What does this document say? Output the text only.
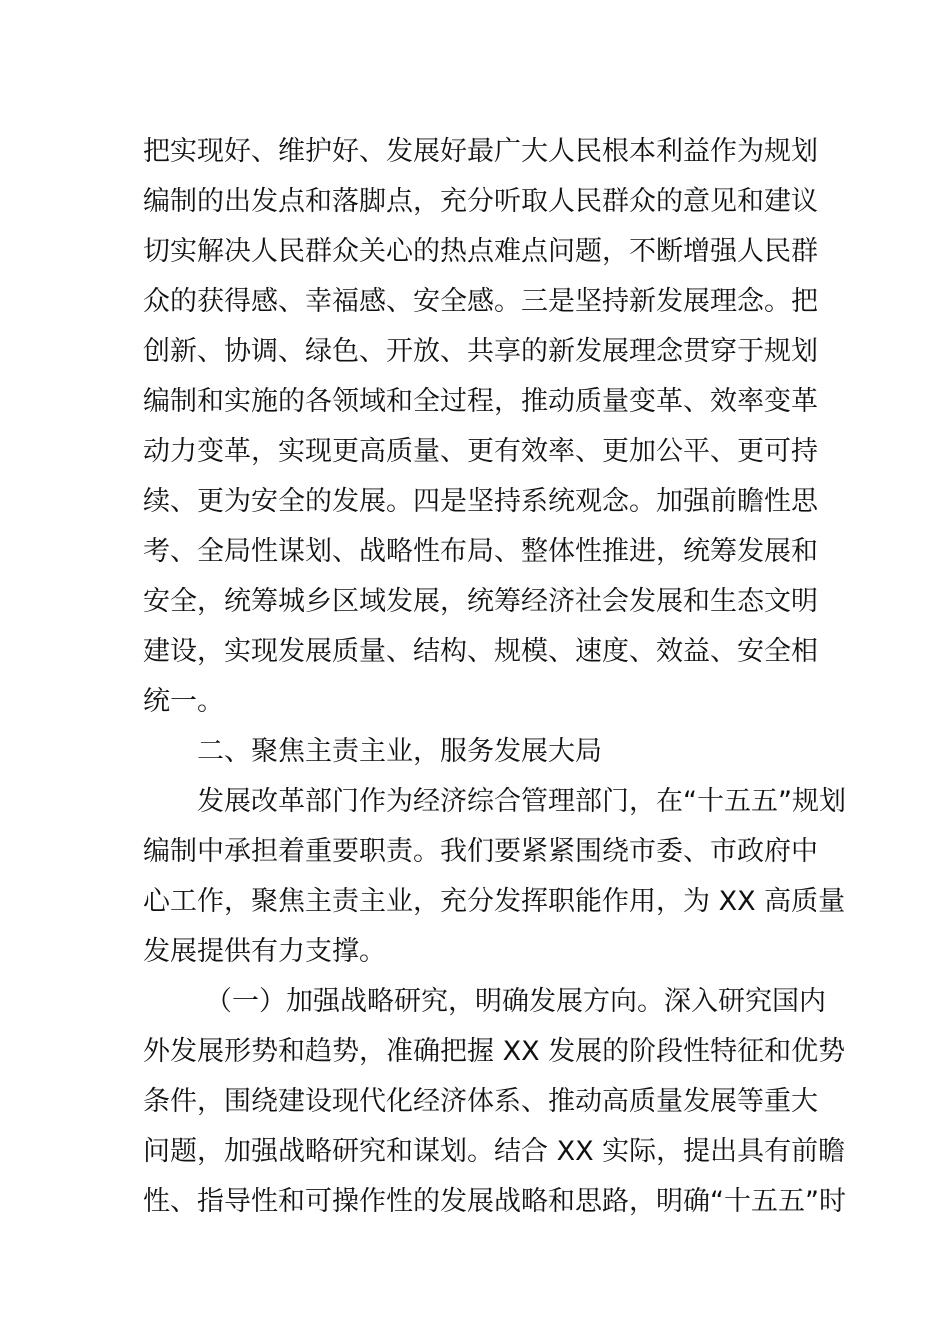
把实现好、维护好、发展好最广大人民根本利益作为规划
编制的出发点和落脚点，充分听取人民群众的意见和建议
切实解决人民群众关心的热点难点问题，不断增强人民群
众的获得感、幸福感、安全感。三是坚持新发展理念。把
创新、协调、绿色、开放、共享的新发展理念贯穿于规划
编制和实施的各领域和全过程，推动质量变革、效率变革
动力变革，实现更高质量、更有效率、更加公平、更可持
续、更为安全的发展。四是坚持系统观念。加强前瞻性思
考、全局性谋划、战略性布局、整体性推进，统筹发展和
安全，统筹城乡区域发展，统筹经济社会发展和生态文明
建设，实现发展质量、结构、规模、速度、效益、安全相
统一。
二、聚焦主责主业，服务发展大局
发展改革部门作为经济综合管理部门，在“十五五”规划
编制中承担着重要职责。我们要紧紧围绕市委、市政府中
心工作，聚焦主责主业，充分发挥职能作用，为 XX 高质量
发展提供有力支撑。
（一）加强战略研究，明确发展方向。深入研究国内
外发展形势和趋势，准确把握 XX 发展的阶段性特征和优势
条件，围绕建设现代化经济体系、推动高质量发展等重大
问题，加强战略研究和谋划。结合 XX 实际，提出具有前瞻
性、指导性和可操作性的发展战略和思路，明确“十五五”时
